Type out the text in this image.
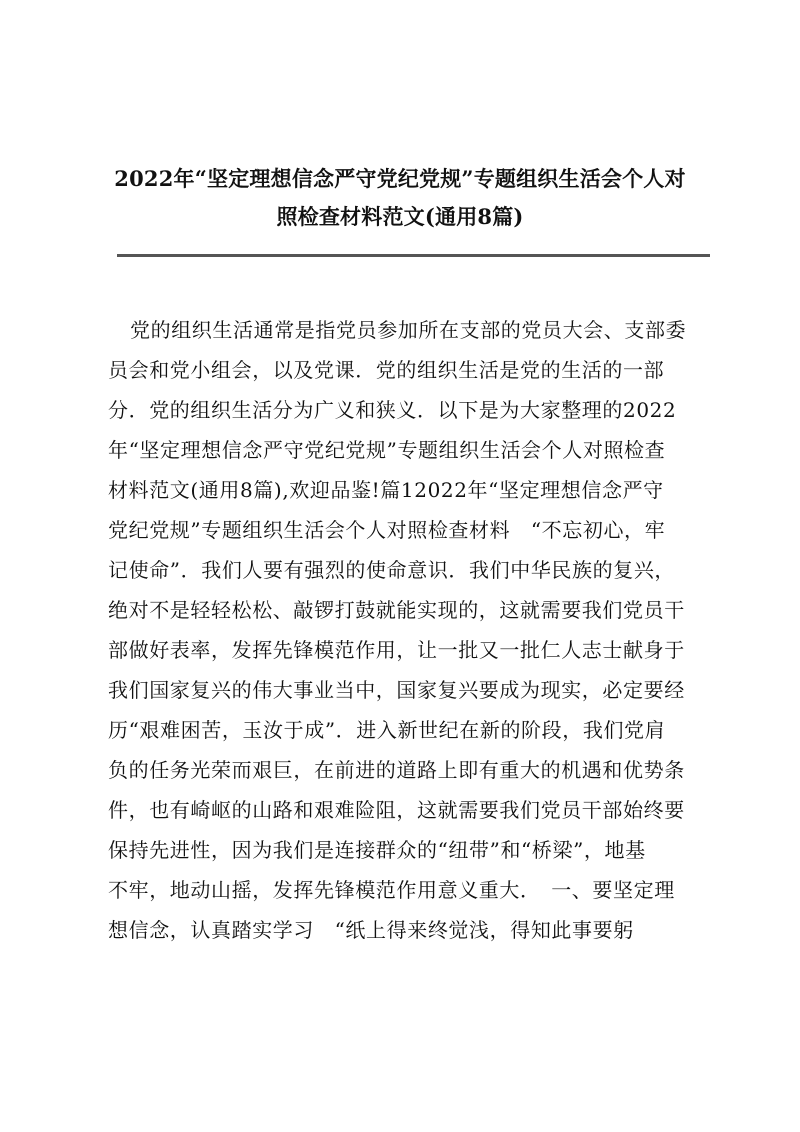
2022年“坚定理想信念严守党纪党规”专题组织生活会个人对
照检查材料范文(通用8篇)
党的组织生活通常是指党员参加所在支部的党员大会、支部委
员会和党小组会，以及党课．党的组织生活是党的生活的一部
分．党的组织生活分为广义和狭义．以下是为大家整理的2022
年“坚定理想信念严守党纪党规”专题组织生活会个人对照检查
材料范文(通用8篇),欢迎品鉴!篇12022年“坚定理想信念严守
党纪党规”专题组织生活会个人对照检查材料　“不忘初心，牢
记使命”．我们人要有强烈的使命意识．我们中华民族的复兴，
绝对不是轻轻松松、敲锣打鼓就能实现的，这就需要我们党员干
部做好表率，发挥先锋模范作用，让一批又一批仁人志士献身于
我们国家复兴的伟大事业当中，国家复兴要成为现实，必定要经
历“艰难困苦，玉汝于成”．进入新世纪在新的阶段，我们党肩
负的任务光荣而艰巨，在前进的道路上即有重大的机遇和优势条
件，也有崎岖的山路和艰难险阻，这就需要我们党员干部始终要
保持先进性，因为我们是连接群众的“纽带”和“桥梁”，地基
不牢，地动山摇，发挥先锋模范作用意义重大．　一、要坚定理
想信念，认真踏实学习　“纸上得来终觉浅，得知此事要躬
